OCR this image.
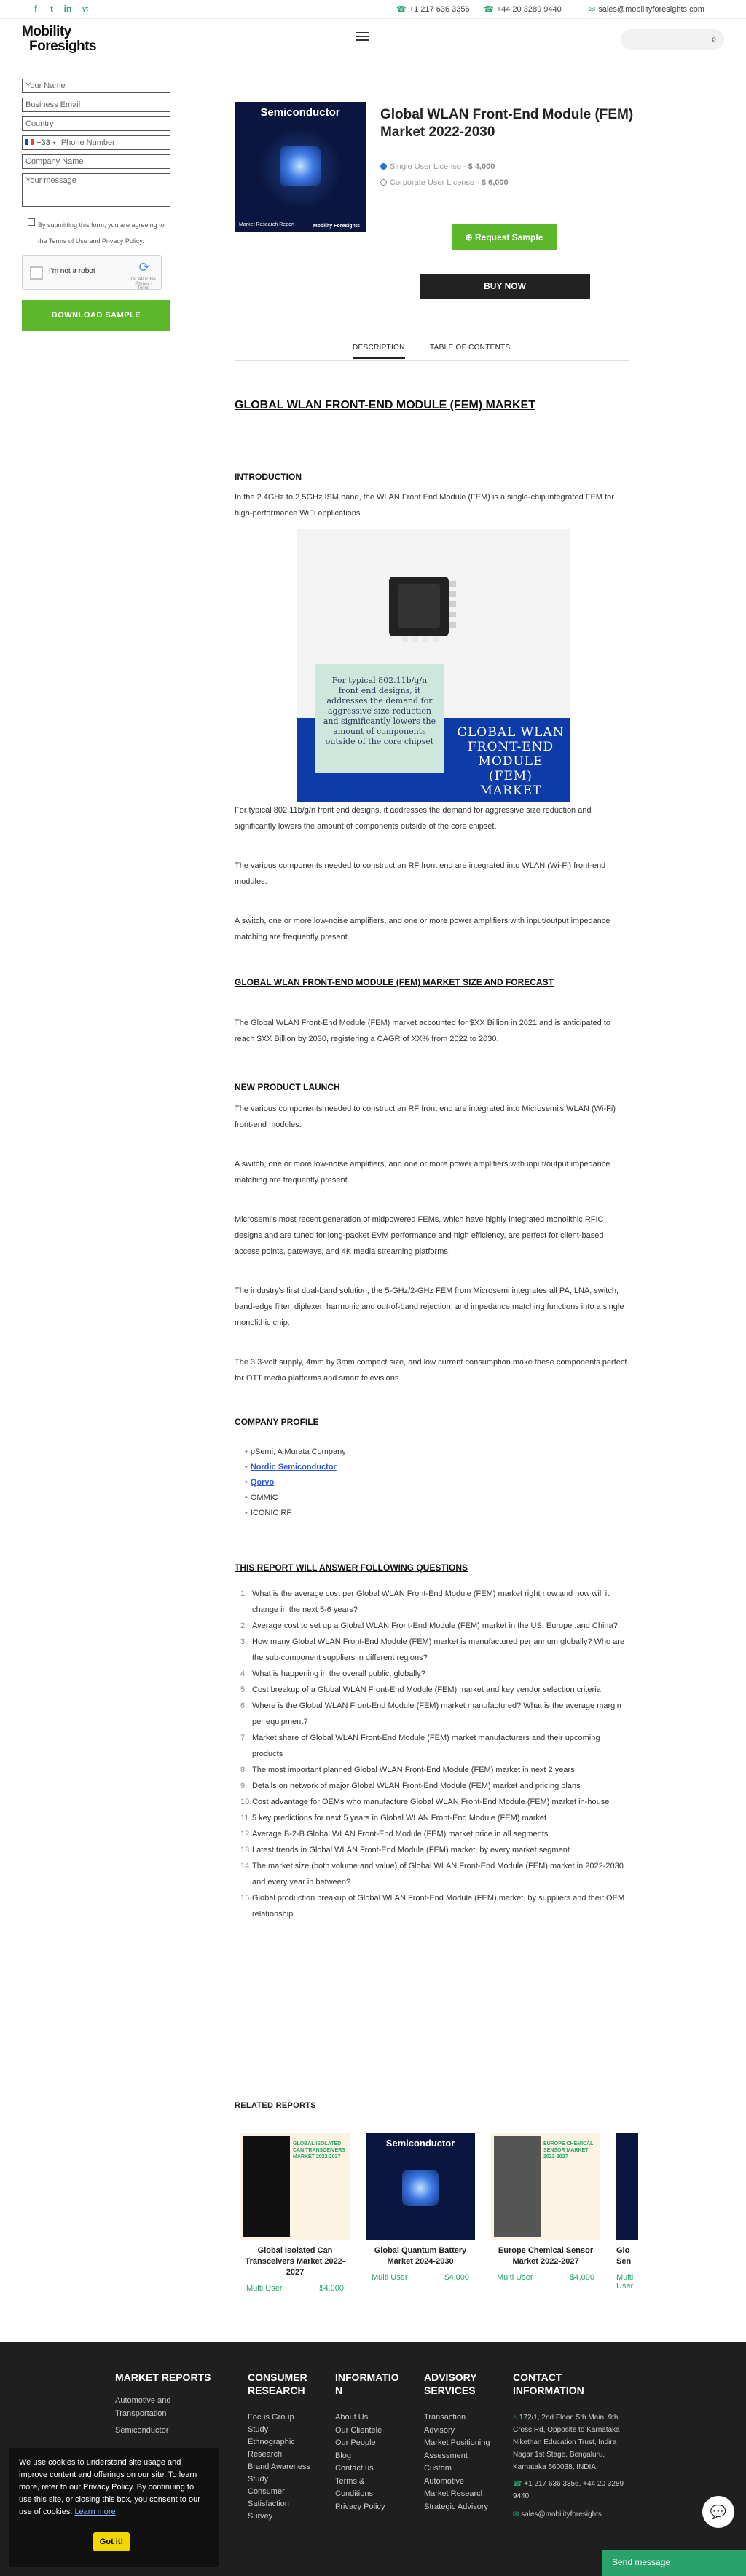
f	t	in	yt	☎ +1 217 636 3356 ☎ +44 20 3289 9440	✉ sales@mobilityforesights.com
Mobility
Foresights	⌕
Your Name
Business Email
Country
+33 ▾ Phone Number
Company Name
Your message
By submitting this form, you are agreeing to the Terms of Use and Privacy Policy.
I'm not a robot	⟳
reCAPTCHA
Privacy - Terms
DOWNLOAD SAMPLE
Semiconductor
Market Research Report	Mobility Foresights
Global WLAN Front-End Module (FEM) Market 2022-2030
Single User License - $ 4,000
Corporate User License - $ 6,000
⊕ Request Sample
BUY NOW
DESCRIPTION	TABLE OF CONTENTS
GLOBAL WLAN FRONT-END MODULE (FEM) MARKET
INTRODUCTION
In the 2.4GHz to 2.5GHz ISM band, the WLAN Front End Module (FEM) is a single-chip integrated FEM for high-performance WiFi applications.
GLOBAL WLAN FRONT-END MODULE (FEM) MARKET
For typical 802.11b/g/n front end designs, it addresses the demand for aggressive size reduction and significantly lowers the amount of components outside of the core chipset
For typical 802.11b/g/n front end designs, it addresses the demand for aggressive size reduction and significantly lowers the amount of components outside of the core chipset.
The various components needed to construct an RF front end are integrated into WLAN (Wi-Fi) front-end modules.
A switch, one or more low-noise amplifiers, and one or more power amplifiers with input/output impedance matching are frequently present.
GLOBAL WLAN FRONT-END MODULE (FEM) MARKET SIZE AND FORECAST
The Global WLAN Front-End Module (FEM) market accounted for $XX Billion in 2021 and is anticipated to reach $XX Billion by 2030, registering a CAGR of XX% from 2022 to 2030.
NEW PRODUCT LAUNCH
The various components needed to construct an RF front end are integrated into Microsemi's WLAN (Wi-Fi) front-end modules.
A switch, one or more low-noise amplifiers, and one or more power amplifiers with input/output impedance matching are frequently present.
Microsemi's most recent generation of midpowered FEMs, which have highly integrated monolithic RFIC designs and are tuned for long-packet EVM performance and high efficiency, are perfect for client-based access points, gateways, and 4K media streaming platforms.
The industry's first dual-band solution, the 5-GHz/2-GHz FEM from Microsemi integrates all PA, LNA, switch, band-edge filter, diplexer, harmonic and out-of-band rejection, and impedance matching functions into a single monolithic chip.
The 3.3-volt supply, 4mm by 3mm compact size, and low current consumption make these components perfect for OTT media platforms and smart televisions.
COMPANY PROFILE
• pSemi, A Murata Company
• Nordic Semiconductor
• Qorvo
• OMMIC
• ICONIC RF
THIS REPORT WILL ANSWER FOLLOWING QUESTIONS
1. What is the average cost per Global WLAN Front-End Module (FEM) market right now and how will it change in the next 5-6 years?
2. Average cost to set up a Global WLAN Front-End Module (FEM) market in the US, Europe ,and China?
3. How many Global WLAN Front-End Module (FEM) market is manufactured per annum globally? Who are the sub-component suppliers in different regions?
4. What is happening in the overall public, globally?
5. Cost breakup of a Global WLAN Front-End Module (FEM) market and key vendor selection criteria
6. Where is the Global WLAN Front-End Module (FEM) market manufactured? What is the average margin per equipment?
7. Market share of Global WLAN Front-End Module (FEM) market manufacturers and their upcoming products
8. The most important planned Global WLAN Front-End Module (FEM) market in next 2 years
9. Details on network of major Global WLAN Front-End Module (FEM) market and pricing plans
10. Cost advantage for OEMs who manufacture Global WLAN Front-End Module (FEM) market in-house
11. 5 key predictions for next 5 years in Global WLAN Front-End Module (FEM) market
12. Average B-2-B Global WLAN Front-End Module (FEM) market price in all segments
13. Latest trends in Global WLAN Front-End Module (FEM) market, by every market segment
14. The market size (both volume and value) of Global WLAN Front-End Module (FEM) market in 2022-2030 and every year in between?
15. Global production breakup of Global WLAN Front-End Module (FEM) market, by suppliers and their OEM relationship
RELATED REPORTS
GLOBAL ISOLATED CAN TRANSCEIVERS MARKET 2022-2027
Global Isolated Can Transceivers Market 2022-2027
Multi User	$4,000
Semiconductor
Global Quantum Battery Market 2024-2030
Multi User	$4,000
EUROPE CHEMICAL SENSOR MARKET 2022-2027
Europe Chemical Sensor Market 2022-2027
Multi User	$4,000
Glo Sen
Multi User
MARKET REPORTS
Automotive and
Transportation
Semiconductor
CONSUMER RESEARCH
Focus Group
Study
Ethnographic
Research
Brand Awareness
Study
Consumer
Satisfaction
Survey
INFORMATIO N
About Us
Our Clientele
Our People
Blog
Contact us
Terms &
Conditions
Privacy Policy
ADVISORY SERVICES
Transaction
Advisory
Market Positioning
Assessment
Custom
Automotive
Market Research
Strategic Advisory
CONTACT INFORMATION
⌂ 172/1, 2nd Floor, 5th Main, 9th
Cross Rd, Opposite to Karnataka
Nikethan Education Trust, Indira
Nagar 1st Stage, Bengaluru,
Karnataka 560038, INDIA
☎ +1 217 636 3356, +44 20 3289
9440
✉ sales@mobilityforesights
We use cookies to understand site usage and improve content and offerings on our site. To learn more, refer to our Privacy Policy. By continuing to use this site, or closing this box, you consent to our use of cookies. Learn more
Got it!
💬
Send message
